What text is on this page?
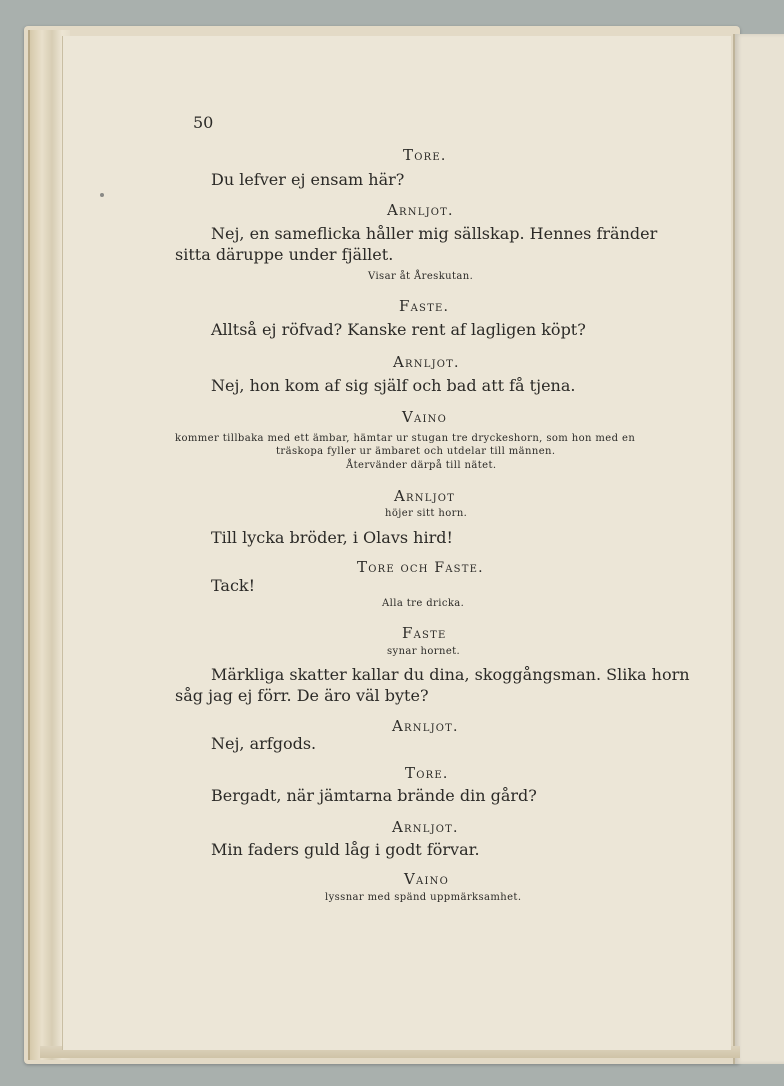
50
Tore.
Du lefver ej ensam här?
Arnljot.
Nej, en sameflicka håller mig sällskap. Hennes fränder
sitta däruppe under fjället.
Visar åt Åreskutan.
Faste.
Alltså ej röfvad? Kanske rent af lagligen köpt?
Arnljot.
Nej, hon kom af sig själf och bad att få tjena.
Vaino
kommer tillbaka med ett ämbar, hämtar ur stugan tre dryckeshorn, som hon med en
träskopa fyller ur ämbaret och utdelar till männen.
Återvänder därpå till nätet.
Arnljot
höjer sitt horn.
Till lycka bröder, i Olavs hird!
Tore och Faste.
Tack!
Alla tre dricka.
Faste
synar hornet.
Märkliga skatter kallar du dina, skoggångsman. Slika horn
såg jag ej förr. De äro väl byte?
Arnljot.
Nej, arfgods.
Tore.
Bergadt, när jämtarna brände din gård?
Arnljot.
Min faders guld låg i godt förvar.
Vaino
lyssnar med spänd uppmärksamhet.
